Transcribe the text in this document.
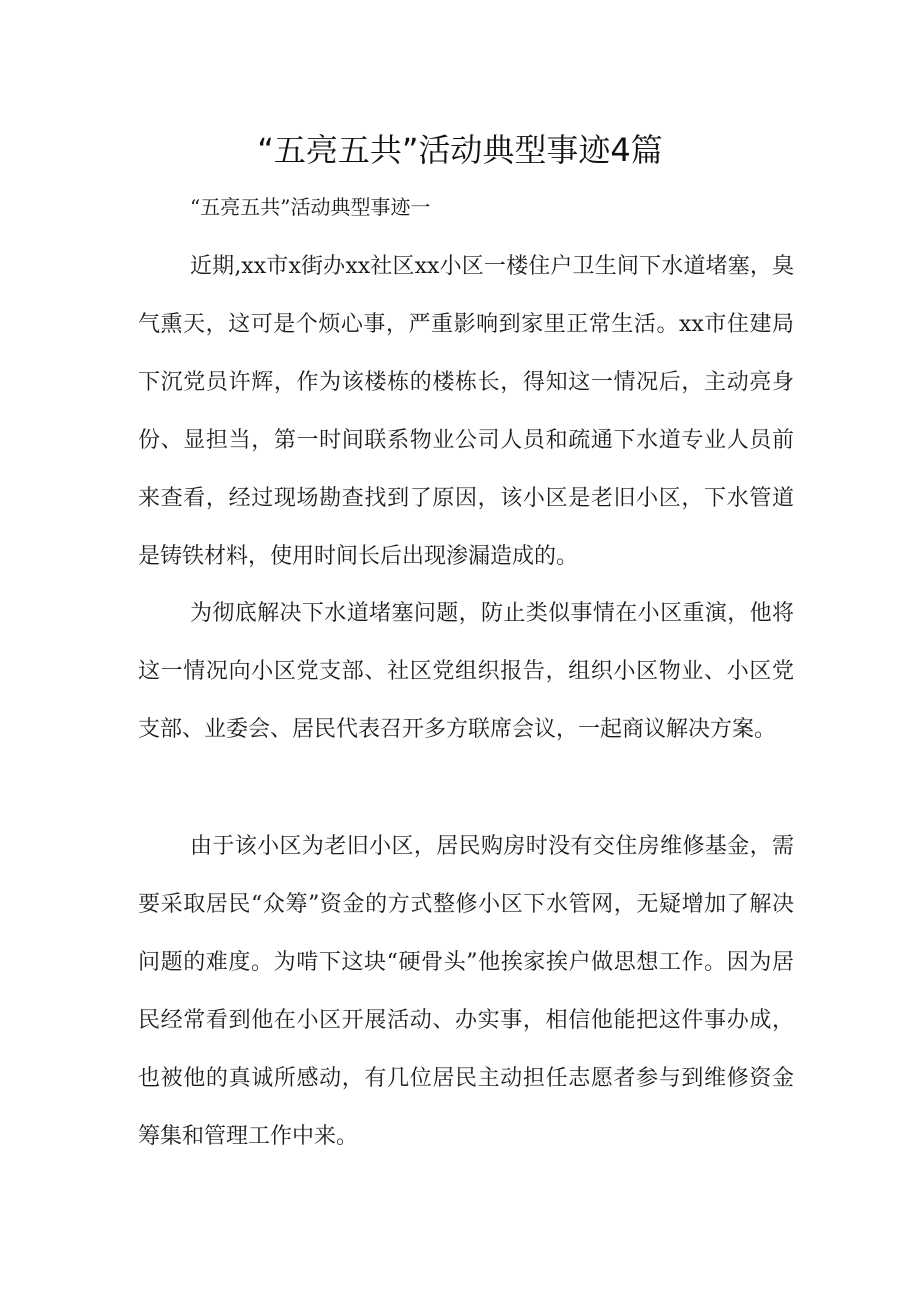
“五亮五共”活动典型事迹4篇

“五亮五共”活动典型事迹一

近期,xx市x街办xx社区xx小区一楼住户卫生间下水道堵塞，臭气熏天，这可是个烦心事，严重影响到家里正常生活。xx市住建局下沉党员许辉，作为该楼栋的楼栋长，得知这一情况后，主动亮身份、显担当，第一时间联系物业公司人员和疏通下水道专业人员前来查看，经过现场勘查找到了原因，该小区是老旧小区，下水管道是铸铁材料，使用时间长后出现渗漏造成的。

为彻底解决下水道堵塞问题，防止类似事情在小区重演，他将这一情况向小区党支部、社区党组织报告，组织小区物业、小区党支部、业委会、居民代表召开多方联席会议，一起商议解决方案。

由于该小区为老旧小区，居民购房时没有交住房维修基金，需要采取居民“众筹”资金的方式整修小区下水管网，无疑增加了解决问题的难度。为啃下这块“硬骨头”他挨家挨户做思想工作。因为居民经常看到他在小区开展活动、办实事，相信他能把这件事办成，也被他的真诚所感动，有几位居民主动担任志愿者参与到维修资金筹集和管理工作中来。
